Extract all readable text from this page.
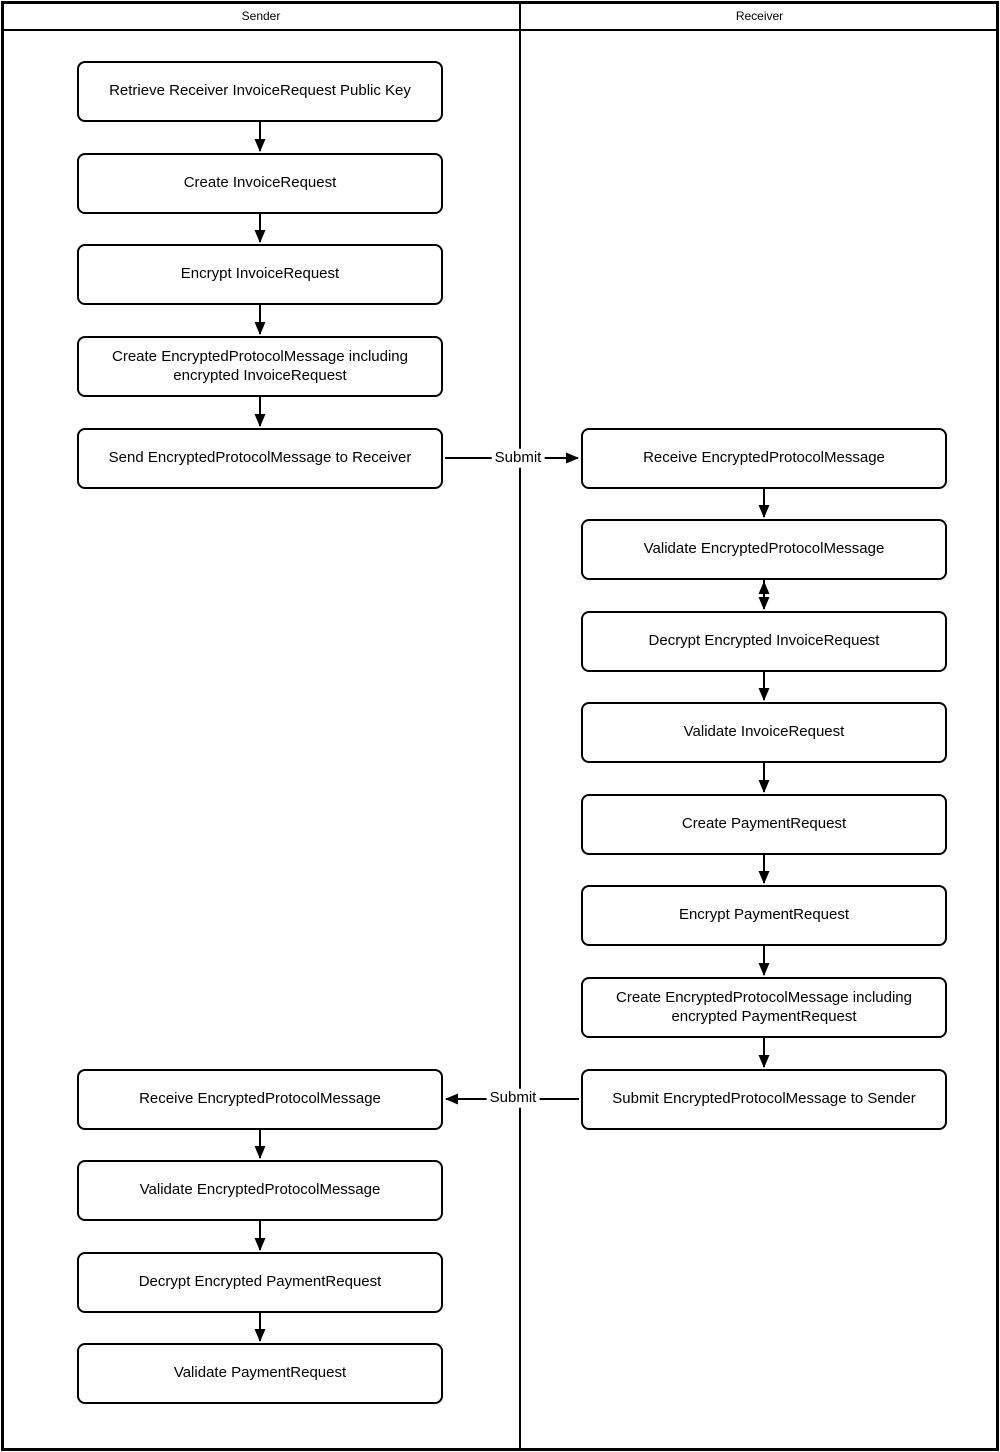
Sender	Receiver
Submit
Submit
Retrieve Receiver InvoiceRequest Public Key
Create InvoiceRequest
Encrypt InvoiceRequest
Create EncryptedProtocolMessage including encrypted InvoiceRequest
Send EncryptedProtocolMessage to Receiver
Receive EncryptedProtocolMessage
Validate EncryptedProtocolMessage
Decrypt Encrypted PaymentRequest
Validate PaymentRequest
Receive EncryptedProtocolMessage
Validate EncryptedProtocolMessage
Decrypt Encrypted InvoiceRequest
Validate InvoiceRequest
Create PaymentRequest
Encrypt PaymentRequest
Create EncryptedProtocolMessage including encrypted PaymentRequest
Submit EncryptedProtocolMessage to Sender
